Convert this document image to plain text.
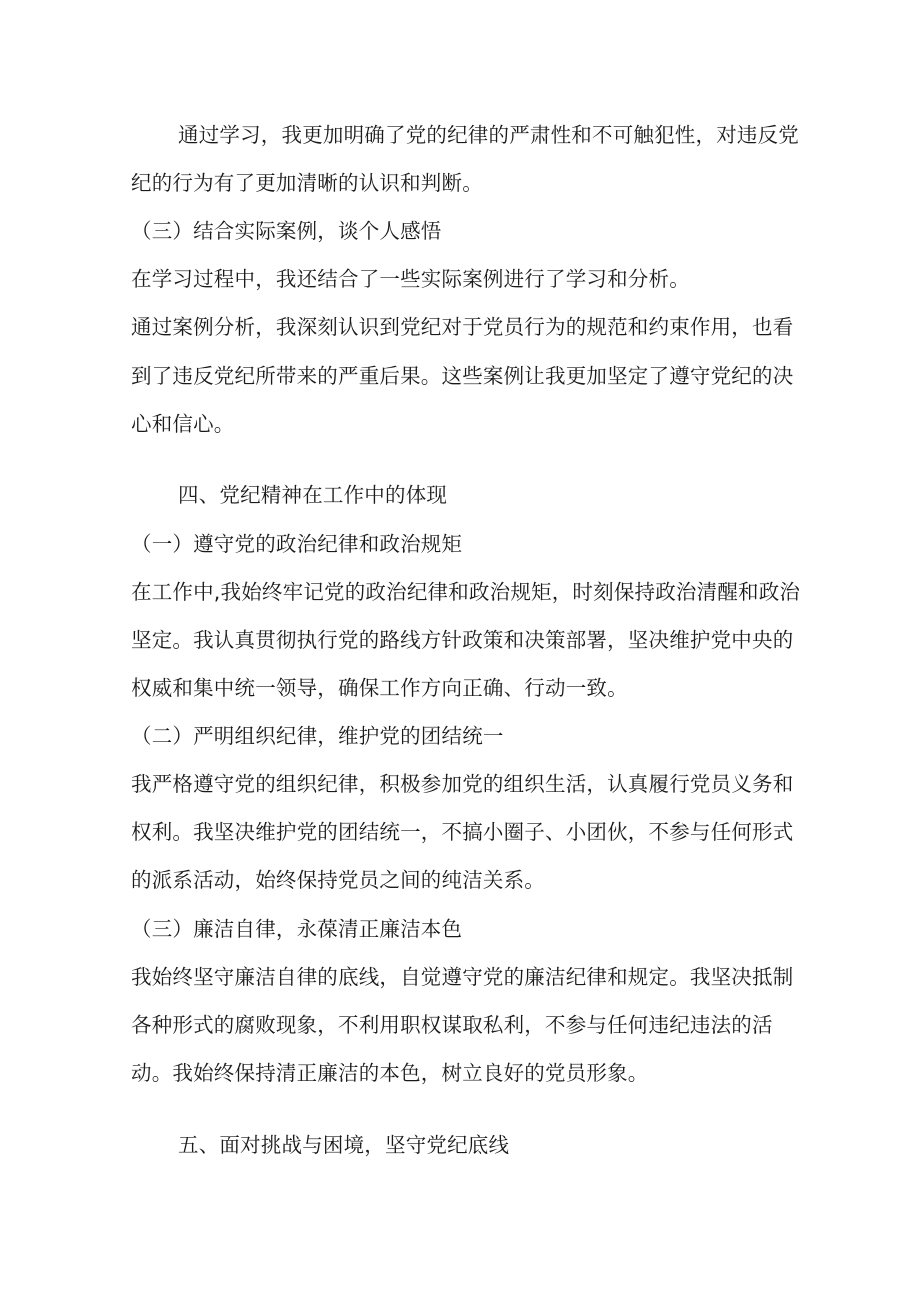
通过学习，我更加明确了党的纪律的严肃性和不可触犯性，对违反党
纪的行为有了更加清晰的认识和判断。
（三）结合实际案例，谈个人感悟
在学习过程中，我还结合了一些实际案例进行了学习和分析。
通过案例分析，我深刻认识到党纪对于党员行为的规范和约束作用，也看
到了违反党纪所带来的严重后果。这些案例让我更加坚定了遵守党纪的决
心和信心。
四、党纪精神在工作中的体现
（一）遵守党的政治纪律和政治规矩
在工作中,我始终牢记党的政治纪律和政治规矩，时刻保持政治清醒和政治
坚定。我认真贯彻执行党的路线方针政策和决策部署，坚决维护党中央的
权威和集中统一领导，确保工作方向正确、行动一致。
（二）严明组织纪律，维护党的团结统一
我严格遵守党的组织纪律，积极参加党的组织生活，认真履行党员义务和
权利。我坚决维护党的团结统一，不搞小圈子、小团伙，不参与任何形式
的派系活动，始终保持党员之间的纯洁关系。
（三）廉洁自律，永葆清正廉洁本色
我始终坚守廉洁自律的底线，自觉遵守党的廉洁纪律和规定。我坚决抵制
各种形式的腐败现象，不利用职权谋取私利，不参与任何违纪违法的活
动。我始终保持清正廉洁的本色，树立良好的党员形象。
五、面对挑战与困境，坚守党纪底线
